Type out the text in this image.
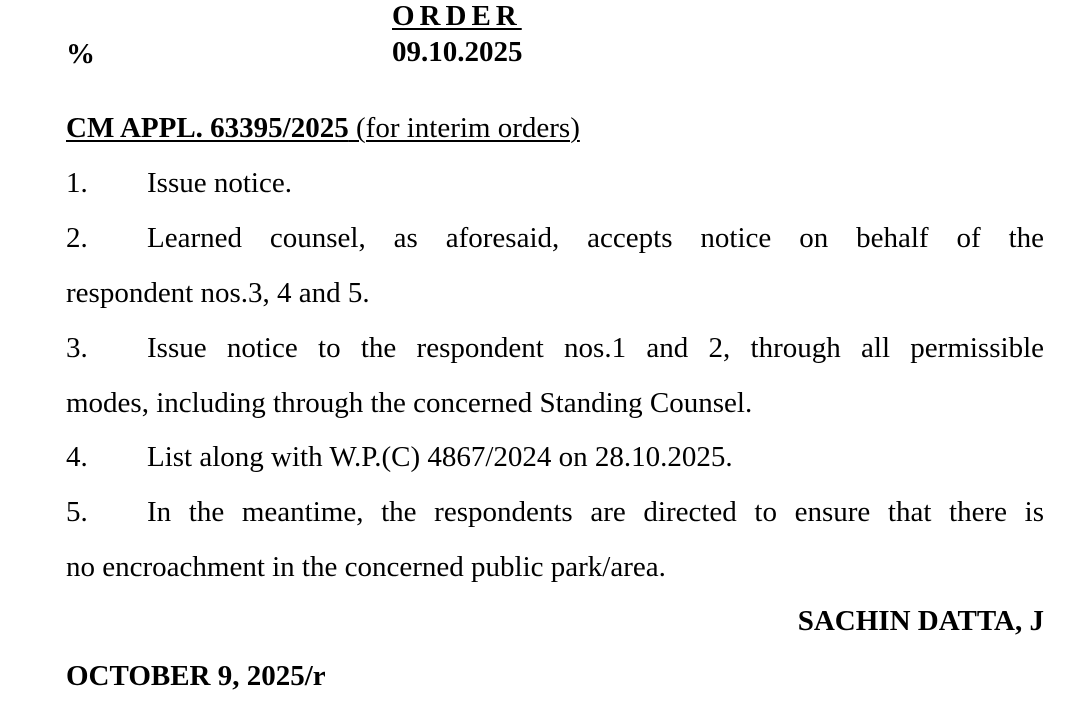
ORDER
09.10.2025
%
CM APPL. 63395/2025 (for interim orders)
1. Issue notice.
2. Learned counsel, as aforesaid, accepts notice on behalf of the
respondent nos.3, 4 and 5.
3. Issue notice to the respondent nos.1 and 2, through all permissible
modes, including through the concerned Standing Counsel.
4. List along with W.P.(C) 4867/2024 on 28.10.2025.
5. In the meantime, the respondents are directed to ensure that there is
no encroachment in the concerned public park/area.
SACHIN DATTA, J
OCTOBER 9, 2025/r
